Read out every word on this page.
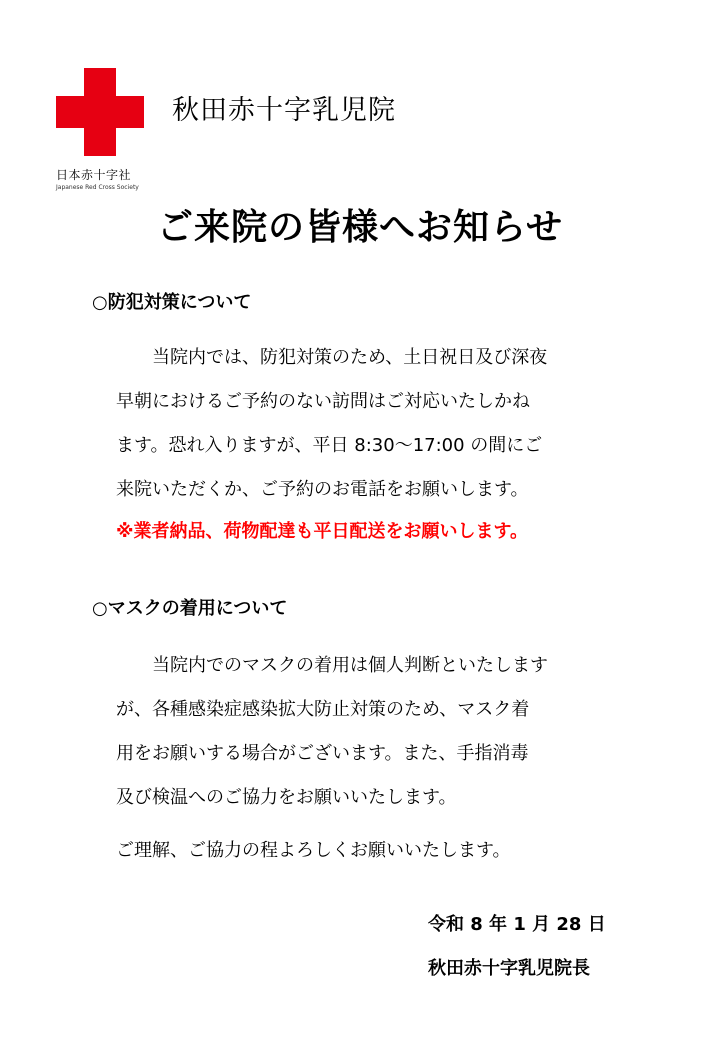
日本赤十字社
Japanese Red Cross Society
秋田赤十字乳児院
ご来院の皆様へお知らせ
○防犯対策について
当院内では、防犯対策のため、土日祝日及び深夜
早朝におけるご予約のない訪問はご対応いたしかね
ます。恐れ入りますが、平日 8:30～17:00 の間にご
来院いただくか、ご予約のお電話をお願いします。
※業者納品、荷物配達も平日配送をお願いします。
○マスクの着用について
当院内でのマスクの着用は個人判断といたします
が、各種感染症感染拡大防止対策のため、マスク着
用をお願いする場合がございます。また、手指消毒
及び検温へのご協力をお願いいたします。
ご理解、ご協力の程よろしくお願いいたします。
令和 8 年 1 月 28 日
秋田赤十字乳児院長
